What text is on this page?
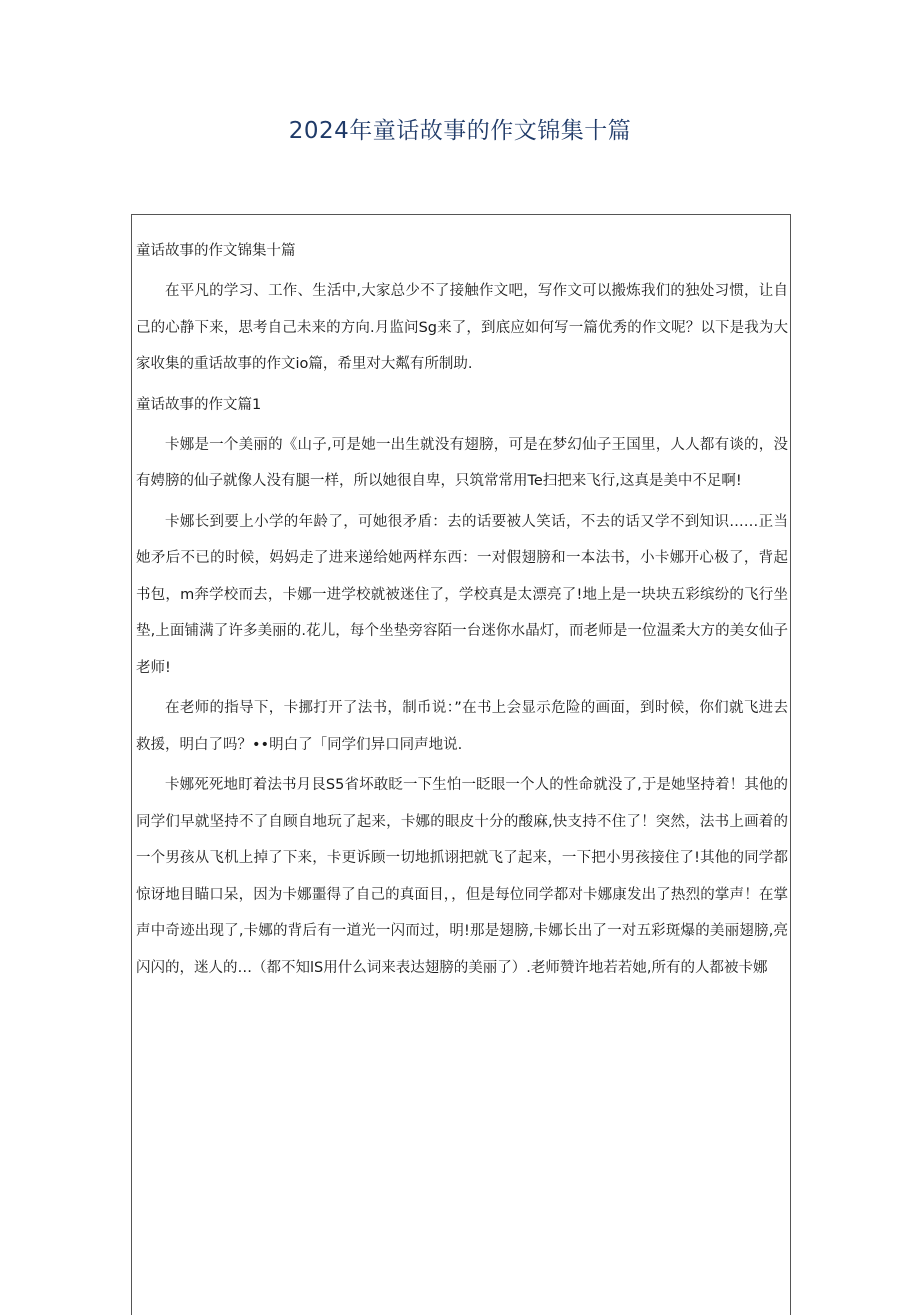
2024年童话故事的作文锦集十篇
童话故事的作文锦集十篇
在平凡的学习、工作、生活中,大家总少不了接触作文吧，写作文可以搬炼我们的独处习惯，让自己的心静下来，思考自己未来的方向.月监问Sg来了，到底应如何写一篇优秀的作文呢？以下是我为大家收集的重话故事的作文io篇，希里对大粼有所制助.
童话故事的作文篇1
卡娜是一个美丽的《山子,可是她一出生就没有翅膀，可是在梦幻仙子王国里，人人都有谈的，没有娉膀的仙子就像人没有腿一样，所以她很自卑，只筑常常用Te扫把来飞行,这真是美中不足啊!
卡娜长到要上小学的年龄了，可她很矛盾：去的话要被人笑话，不去的话又学不到知识……正当她矛后不已的时候，妈妈走了进来递给她两样东西：一对假翅膀和一本法书，小卡娜开心极了，背起书包，m奔学校而去，卡娜一进学校就被迷住了，学校真是太漂亮了!地上是一块块五彩缤纷的飞行坐垫,上面铺满了许多美丽的.花儿，每个坐垫旁容陌一台迷你水晶灯，而老师是一位温柔大方的美女仙子老师!
在老师的指导下，卡挪打开了法书，制币说：”在书上会显示危险的画面，到时候，你们就飞进去救援，明白了吗？••明白了「同学们异口同声地说.
卡娜死死地盯着法书月艮S5省坏敢眨一下生怕一眨眼一个人的性命就没了,于是她坚持着！其他的同学们早就坚持不了自顾自地玩了起来，卡娜的眼皮十分的酸麻,快支持不住了！突然，法书上画着的一个男孩从飞机上掉了下来，卡更诉顾一切地抓诩把就飞了起来，一下把小男孩接住了!其他的同学都惊讶地目瞄口呆，因为卡娜噩得了自己的真面目，，但是每位同学都对卡娜康发出了热烈的掌声！在掌声中奇迹出现了,卡娜的背后有一道光一闪而过，明!那是翅膀,卡娜长出了一对五彩斑爆的美丽翅膀,亮闪闪的，迷人的…（都不知lS用什么词来表达翅膀的美丽了）.老师赞许地若若她,所有的人都被卡娜
